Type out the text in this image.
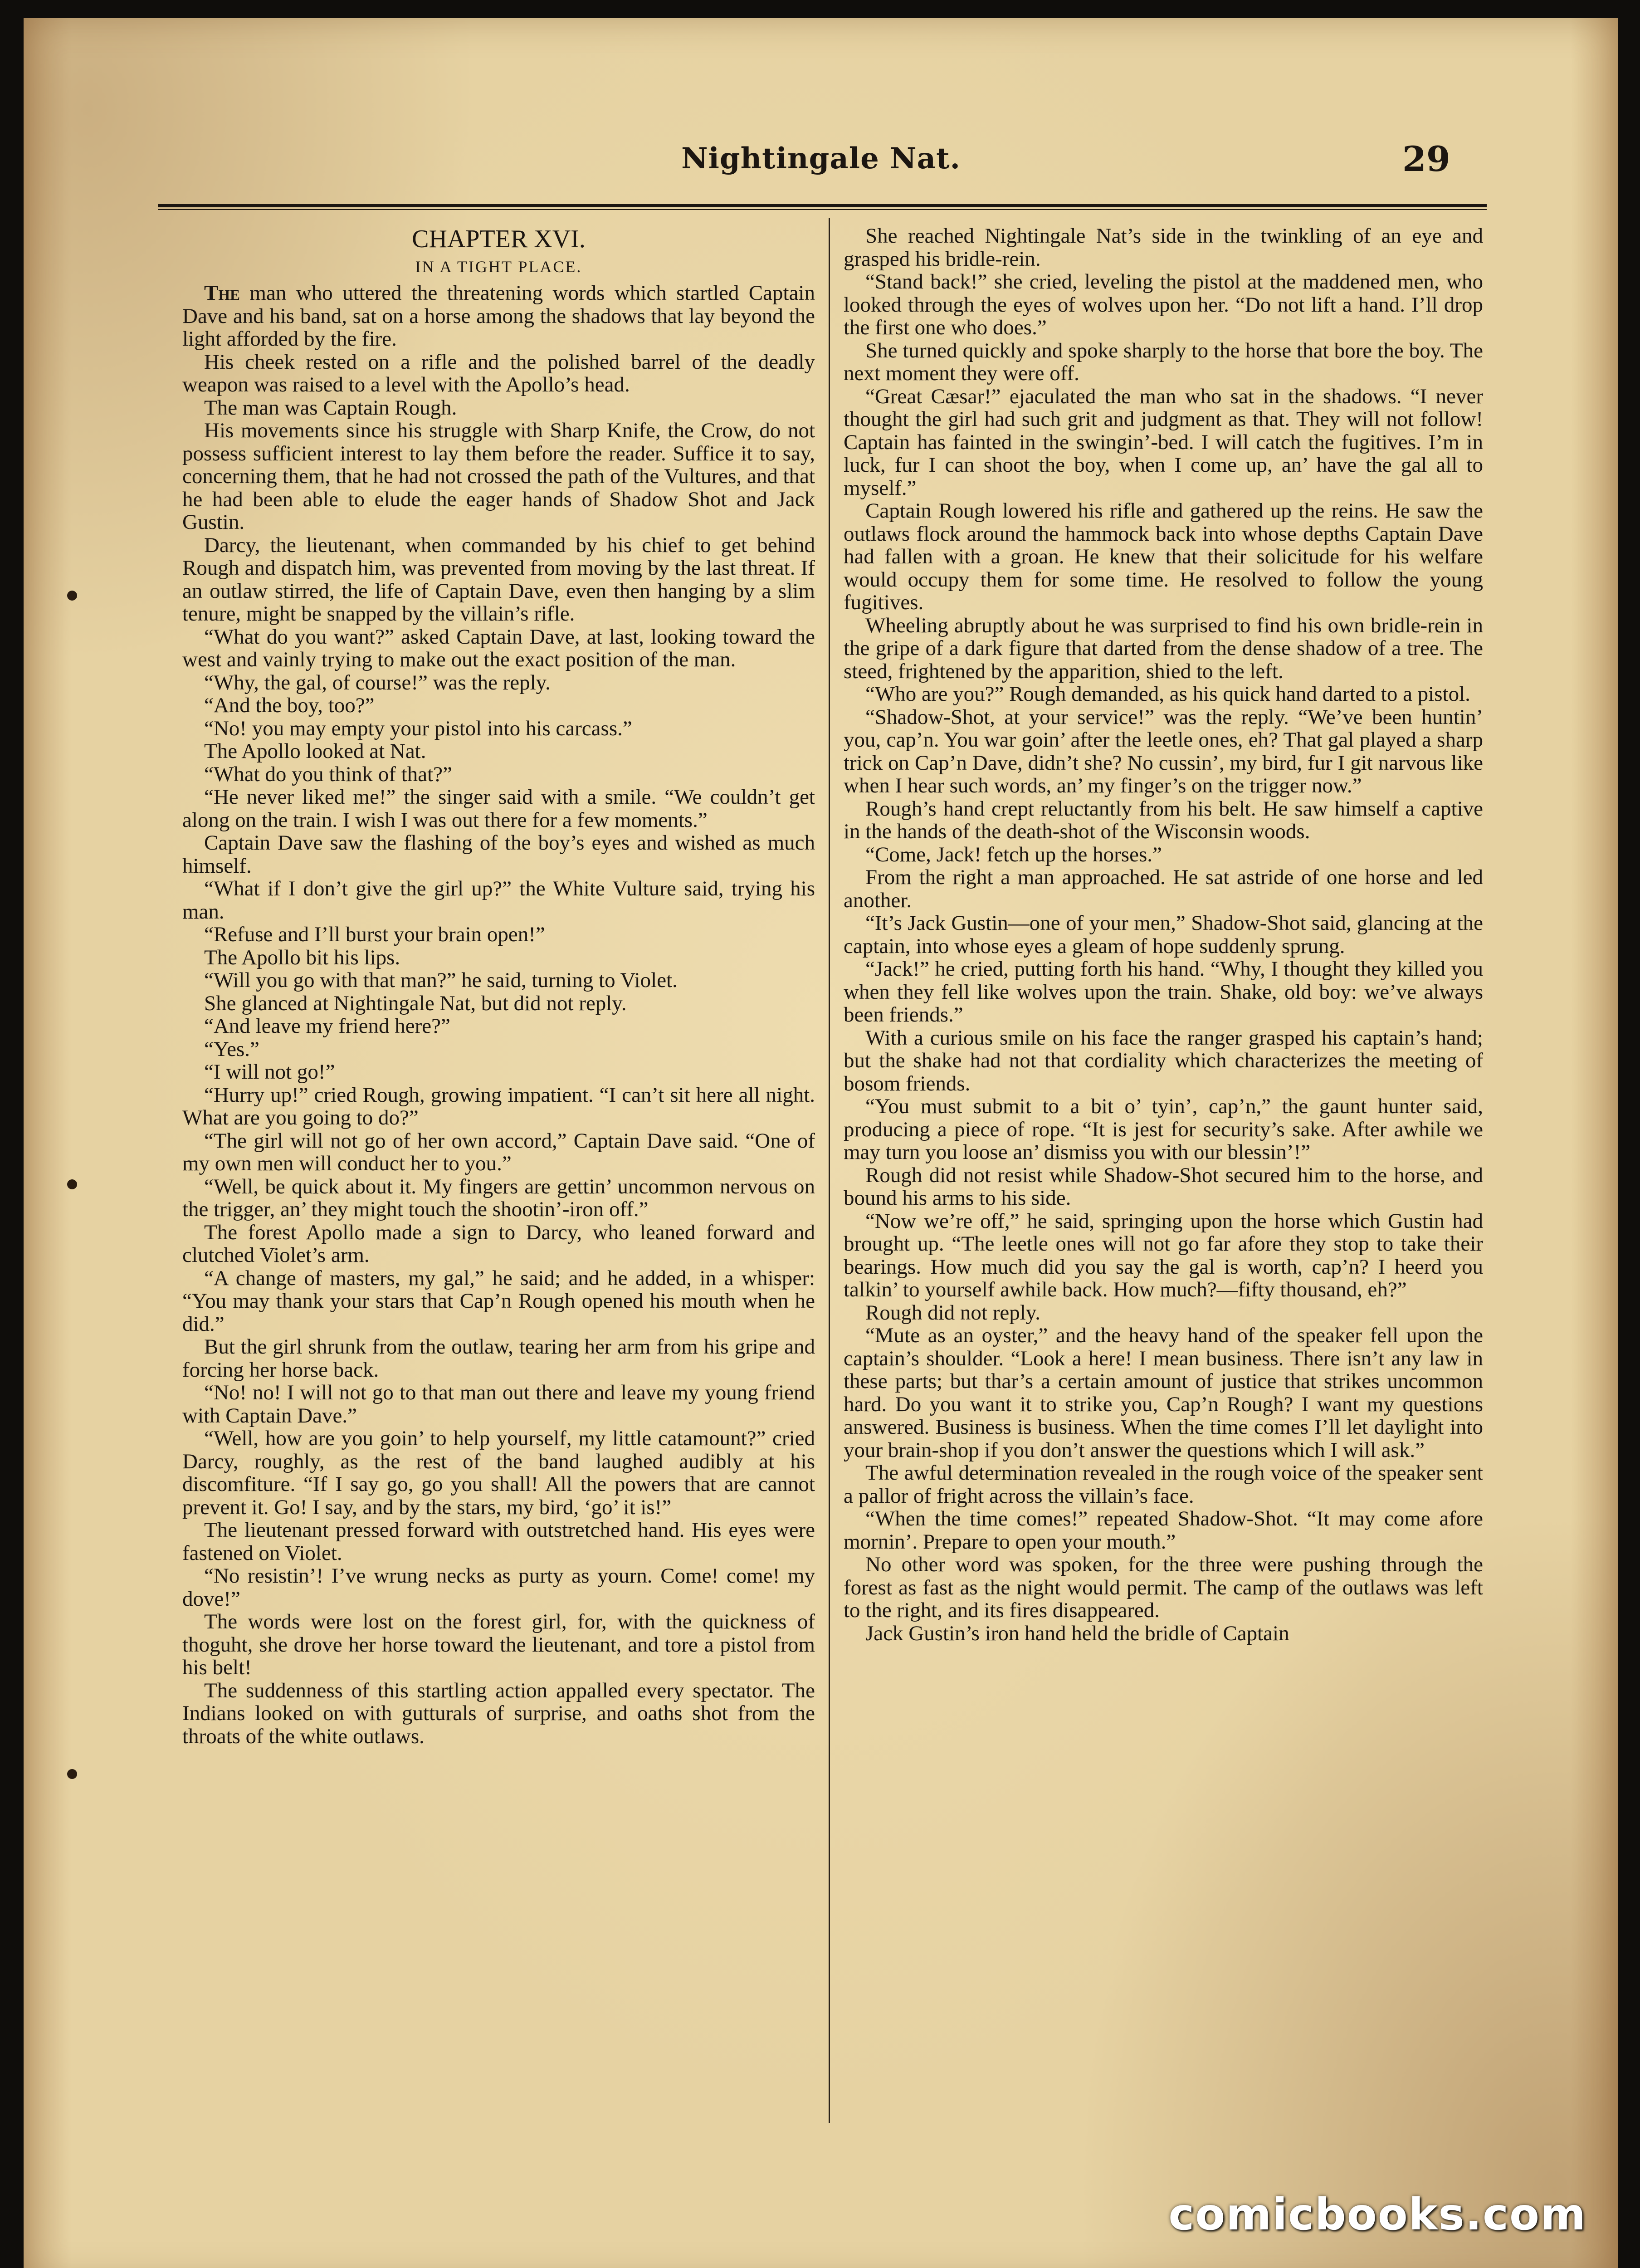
Nightingale Nat.	29
CHAPTER XVI.
IN A TIGHT PLACE.

The man who uttered the threatening words which startled Captain Dave and his band, sat on a horse among the shadows that lay beyond the light afforded by the fire.

His cheek rested on a rifle and the polished barrel of the deadly weapon was raised to a level with the Apollo’s head.

The man was Captain Rough.

His movements since his struggle with Sharp Knife, the Crow, do not possess sufficient interest to lay them before the reader. Suffice it to say, concerning them, that he had not crossed the path of the Vultures, and that he had been able to elude the eager hands of Shadow Shot and Jack Gustin.

Darcy, the lieutenant, when commanded by his chief to get behind Rough and dispatch him, was prevented from moving by the last threat. If an outlaw stirred, the life of Captain Dave, even then hanging by a slim tenure, might be snapped by the villain’s rifle.

“What do you want?” asked Captain Dave, at last, looking toward the west and vainly trying to make out the exact position of the man.

“Why, the gal, of course!” was the reply.

“And the boy, too?”

“No! you may empty your pistol into his carcass.”

The Apollo looked at Nat.

“What do you think of that?”

“He never liked me!” the singer said with a smile. “We couldn’t get along on the train. I wish I was out there for a few moments.”

Captain Dave saw the flashing of the boy’s eyes and wished as much himself.

“What if I don’t give the girl up?” the White Vulture said, trying his man.

“Refuse and I’ll burst your brain open!”

The Apollo bit his lips.

“Will you go with that man?” he said, turning to Violet.

She glanced at Nightingale Nat, but did not reply.

“And leave my friend here?”

“Yes.”

“I will not go!”

“Hurry up!” cried Rough, growing impatient. “I can’t sit here all night. What are you going to do?”

“The girl will not go of her own accord,” Captain Dave said. “One of my own men will conduct her to you.”

“Well, be quick about it. My fingers are gettin’ uncommon nervous on the trigger, an’ they might touch the shootin’-iron off.”

The forest Apollo made a sign to Darcy, who leaned forward and clutched Violet’s arm.

“A change of masters, my gal,” he said; and he added, in a whisper: “You may thank your stars that Cap’n Rough opened his mouth when he did.”

But the girl shrunk from the outlaw, tearing her arm from his gripe and forcing her horse back.

“No! no! I will not go to that man out there and leave my young friend with Captain Dave.”

“Well, how are you goin’ to help yourself, my little catamount?” cried Darcy, roughly, as the rest of the band laughed audibly at his discomfiture. “If I say go, go you shall! All the powers that are cannot prevent it. Go! I say, and by the stars, my bird, ‘go’ it is!”

The lieutenant pressed forward with outstretched hand. His eyes were fastened on Violet.

“No resistin’! I’ve wrung necks as purty as yourn. Come! come! my dove!”

The words were lost on the forest girl, for, with the quickness of thoguht, she drove her horse toward the lieutenant, and tore a pistol from his belt!

The suddenness of this startling action appalled every spectator. The Indians looked on with gutturals of surprise, and oaths shot from the throats of the white outlaws.

She reached Nightingale Nat’s side in the twinkling of an eye and grasped his bridle-rein.

“Stand back!” she cried, leveling the pistol at the maddened men, who looked through the eyes of wolves upon her. “Do not lift a hand. I’ll drop the first one who does.”

She turned quickly and spoke sharply to the horse that bore the boy. The next moment they were off.

“Great Cæsar!” ejaculated the man who sat in the shadows. “I never thought the girl had such grit and judgment as that. They will not follow! Captain has fainted in the swingin’-bed. I will catch the fugitives. I’m in luck, fur I can shoot the boy, when I come up, an’ have the gal all to myself.”

Captain Rough lowered his rifle and gathered up the reins. He saw the outlaws flock around the hammock back into whose depths Captain Dave had fallen with a groan. He knew that their solicitude for his welfare would occupy them for some time. He resolved to follow the young fugitives.

Wheeling abruptly about he was surprised to find his own bridle-rein in the gripe of a dark figure that darted from the dense shadow of a tree. The steed, frightened by the apparition, shied to the left.

“Who are you?” Rough demanded, as his quick hand darted to a pistol.

“Shadow-Shot, at your service!” was the reply. “We’ve been huntin’ you, cap’n. You war goin’ after the leetle ones, eh? That gal played a sharp trick on Cap’n Dave, didn’t she? No cussin’, my bird, fur I git narvous like when I hear such words, an’ my finger’s on the trigger now.”

Rough’s hand crept reluctantly from his belt. He saw himself a captive in the hands of the death-shot of the Wisconsin woods.

“Come, Jack! fetch up the horses.”

From the right a man approached. He sat astride of one horse and led another.

“It’s Jack Gustin—one of your men,” Shadow-Shot said, glancing at the captain, into whose eyes a gleam of hope suddenly sprung.

“Jack!” he cried, putting forth his hand. “Why, I thought they killed you when they fell like wolves upon the train. Shake, old boy: we’ve always been friends.”

With a curious smile on his face the ranger grasped his captain’s hand; but the shake had not that cordiality which characterizes the meeting of bosom friends.

“You must submit to a bit o’ tyin’, cap’n,” the gaunt hunter said, producing a piece of rope. “It is jest for security’s sake. After awhile we may turn you loose an’ dismiss you with our blessin’!”

Rough did not resist while Shadow-Shot secured him to the horse, and bound his arms to his side.

“Now we’re off,” he said, springing upon the horse which Gustin had brought up. “The leetle ones will not go far afore they stop to take their bearings. How much did you say the gal is worth, cap’n? I heerd you talkin’ to yourself awhile back. How much?—fifty thousand, eh?”

Rough did not reply.

“Mute as an oyster,” and the heavy hand of the speaker fell upon the captain’s shoulder. “Look a here! I mean business. There isn’t any law in these parts; but thar’s a certain amount of justice that strikes uncommon hard. Do you want it to strike you, Cap’n Rough? I want my questions answered. Business is business. When the time comes I’ll let daylight into your brain-shop if you don’t answer the questions which I will ask.”

The awful determination revealed in the rough voice of the speaker sent a pallor of fright across the villain’s face.

“When the time comes!” repeated Shadow-Shot. “It may come afore mornin’. Prepare to open your mouth.”

No other word was spoken, for the three were pushing through the forest as fast as the night would permit. The camp of the outlaws was left to the right, and its fires disappeared.

Jack Gustin’s iron hand held the bridle of Captain

comicbooks.com
